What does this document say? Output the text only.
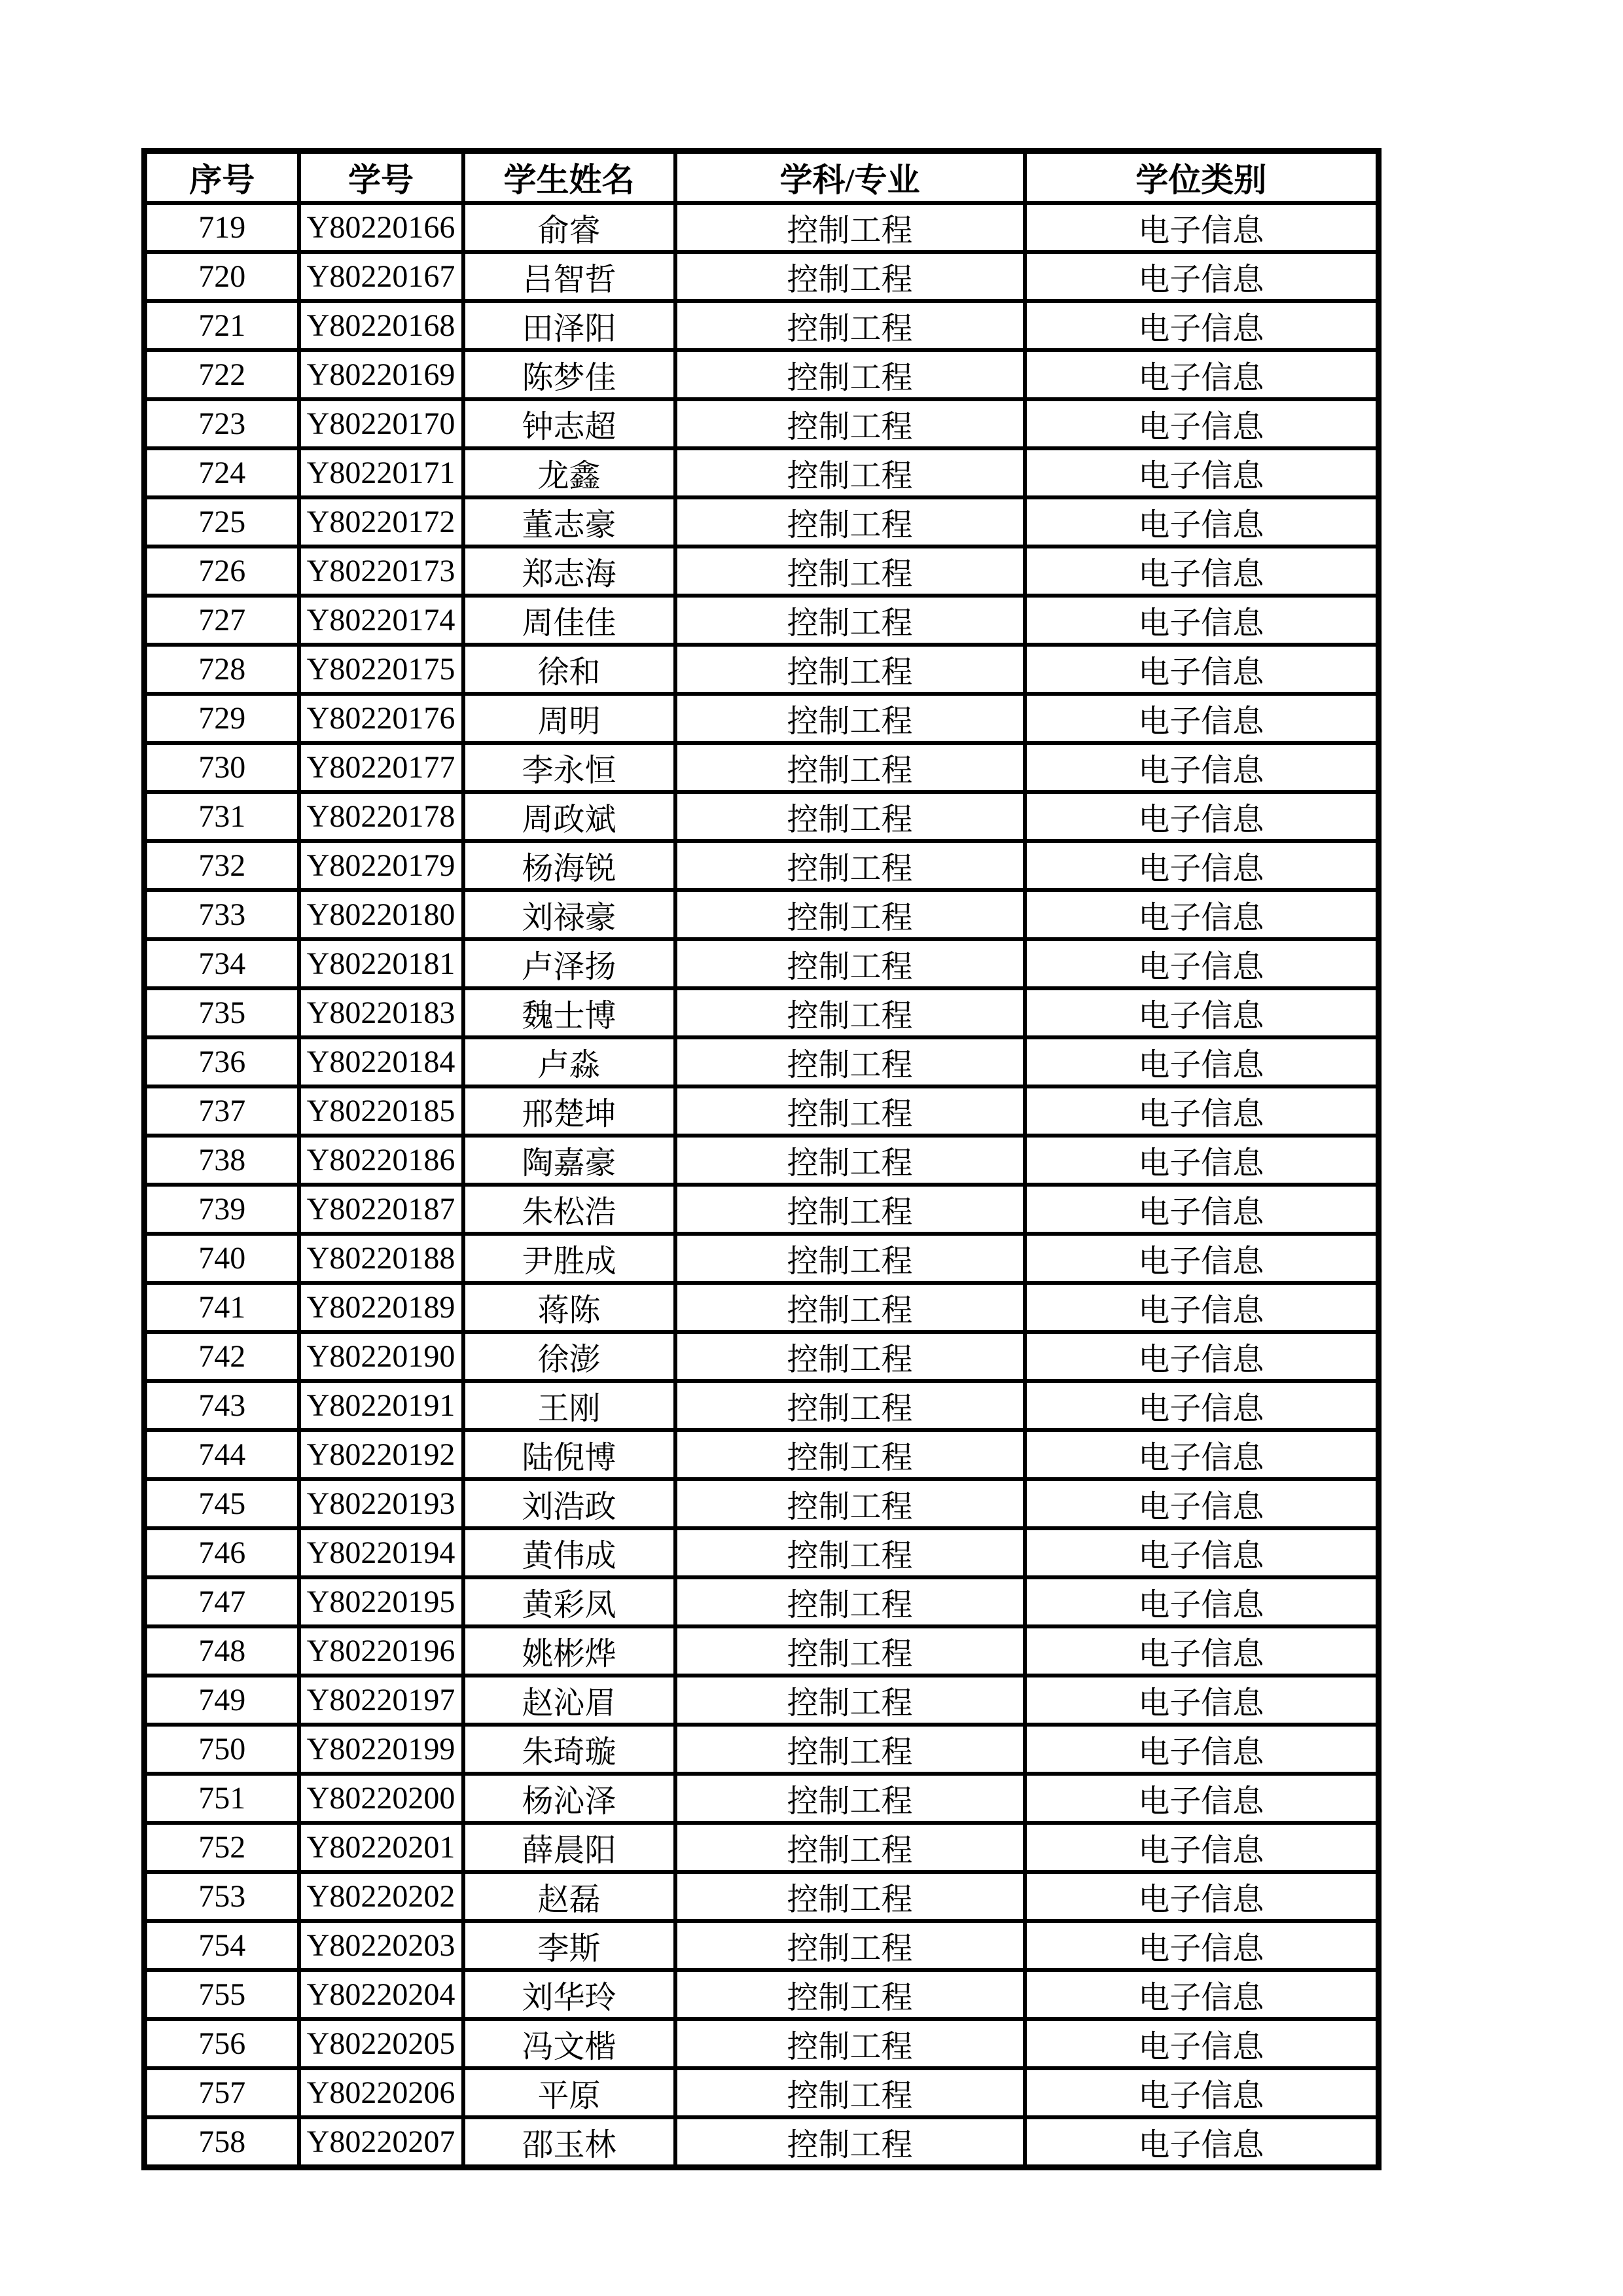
序号	学号	学生姓名	学科/专业	学位类别
719	Y80220166	俞睿	控制工程	电子信息
720	Y80220167	吕智哲	控制工程	电子信息
721	Y80220168	田泽阳	控制工程	电子信息
722	Y80220169	陈梦佳	控制工程	电子信息
723	Y80220170	钟志超	控制工程	电子信息
724	Y80220171	龙鑫	控制工程	电子信息
725	Y80220172	董志豪	控制工程	电子信息
726	Y80220173	郑志海	控制工程	电子信息
727	Y80220174	周佳佳	控制工程	电子信息
728	Y80220175	徐和	控制工程	电子信息
729	Y80220176	周明	控制工程	电子信息
730	Y80220177	李永恒	控制工程	电子信息
731	Y80220178	周政斌	控制工程	电子信息
732	Y80220179	杨海锐	控制工程	电子信息
733	Y80220180	刘禄豪	控制工程	电子信息
734	Y80220181	卢泽扬	控制工程	电子信息
735	Y80220183	魏士博	控制工程	电子信息
736	Y80220184	卢淼	控制工程	电子信息
737	Y80220185	邢楚坤	控制工程	电子信息
738	Y80220186	陶嘉豪	控制工程	电子信息
739	Y80220187	朱松浩	控制工程	电子信息
740	Y80220188	尹胜成	控制工程	电子信息
741	Y80220189	蒋陈	控制工程	电子信息
742	Y80220190	徐澎	控制工程	电子信息
743	Y80220191	王刚	控制工程	电子信息
744	Y80220192	陆倪博	控制工程	电子信息
745	Y80220193	刘浩政	控制工程	电子信息
746	Y80220194	黄伟成	控制工程	电子信息
747	Y80220195	黄彩凤	控制工程	电子信息
748	Y80220196	姚彬烨	控制工程	电子信息
749	Y80220197	赵沁眉	控制工程	电子信息
750	Y80220199	朱琦璇	控制工程	电子信息
751	Y80220200	杨沁泽	控制工程	电子信息
752	Y80220201	薛晨阳	控制工程	电子信息
753	Y80220202	赵磊	控制工程	电子信息
754	Y80220203	李斯	控制工程	电子信息
755	Y80220204	刘华玲	控制工程	电子信息
756	Y80220205	冯文楷	控制工程	电子信息
757	Y80220206	平原	控制工程	电子信息
758	Y80220207	邵玉林	控制工程	电子信息
